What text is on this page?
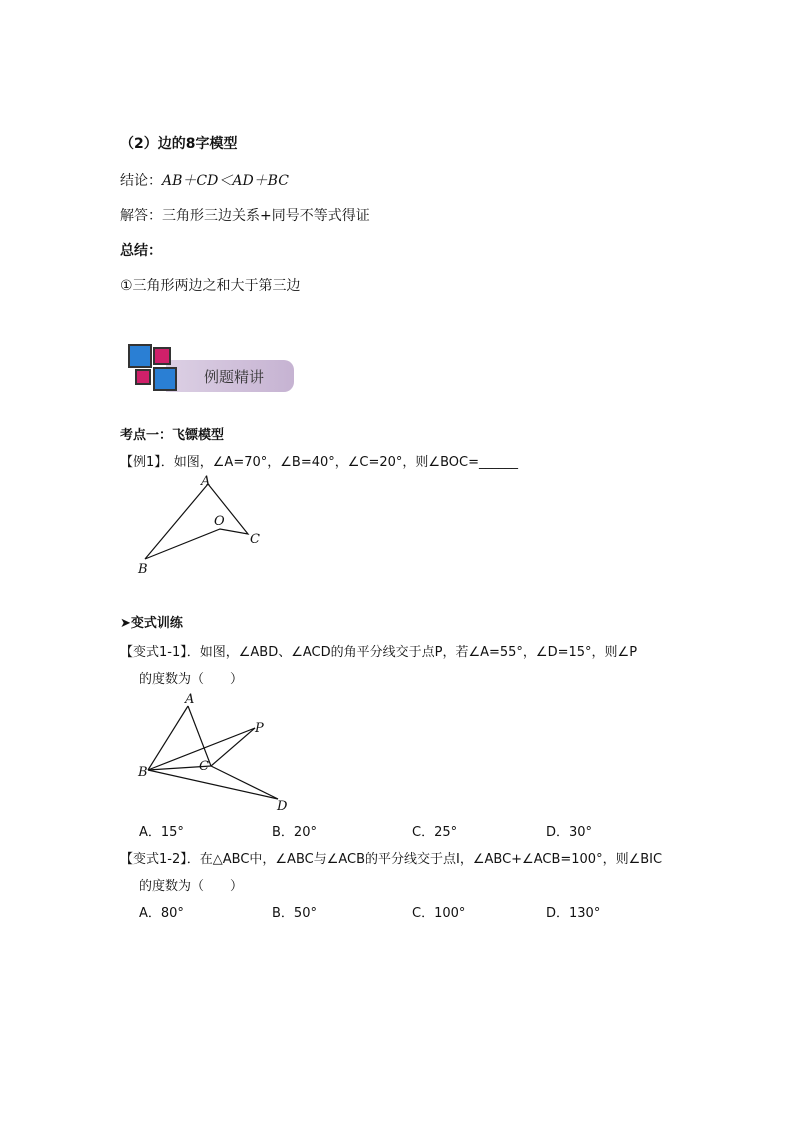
（2）边的8字模型
结论：AB＋CD＜AD＋BC
解答：三角形三边关系+同号不等式得证
总结：
①三角形两边之和大于第三边
例题精讲
考点一：飞镖模型
【例1】．如图，∠A=70°，∠B=40°，∠C=20°，则∠BOC=______
A
O
C
B
➤变式训练
【变式1-1】．如图，∠ABD、∠ACD的角平分线交于点P，若∠A=55°，∠D=15°，则∠P
的度数为（　　）
A
P
B	C
D
A．15°	B．20°	C．25°	D．30°
【变式1-2】．在△ABC中，∠ABC与∠ACB的平分线交于点I，∠ABC+∠ACB=100°，则∠BIC
的度数为（　　）
A．80°	B．50°	C．100°	D．130°
